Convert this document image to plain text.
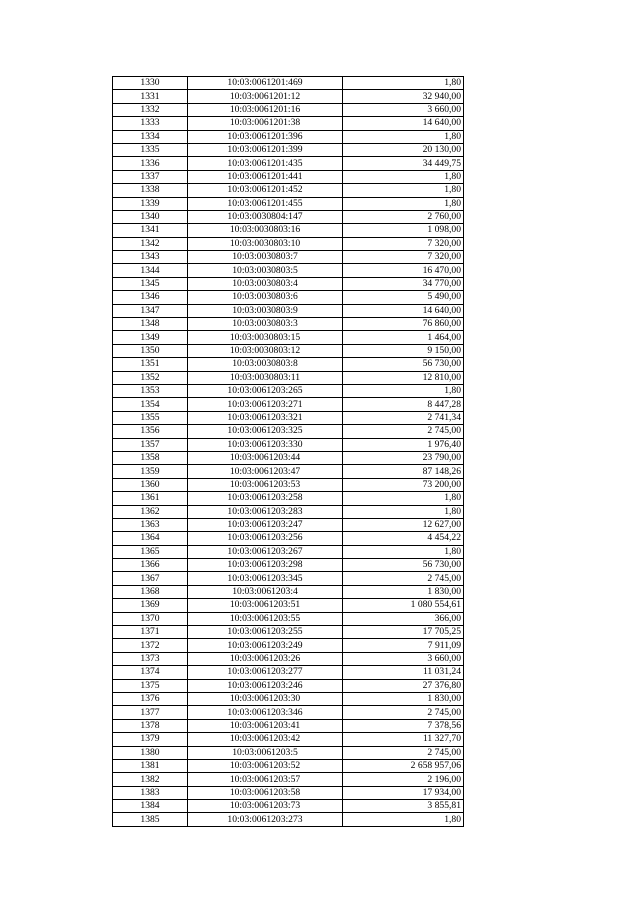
1330	10:03:0061201:469	1,80
1331	10:03:0061201:12	32 940,00
1332	10:03:0061201:16	3 660,00
1333	10:03:0061201:38	14 640,00
1334	10:03:0061201:396	1,80
1335	10:03:0061201:399	20 130,00
1336	10:03:0061201:435	34 449,75
1337	10:03:0061201:441	1,80
1338	10:03:0061201:452	1,80
1339	10:03:0061201:455	1,80
1340	10:03:0030804:147	2 760,00
1341	10:03:0030803:16	1 098,00
1342	10:03:0030803:10	7 320,00
1343	10:03:0030803:7	7 320,00
1344	10:03:0030803:5	16 470,00
1345	10:03:0030803:4	34 770,00
1346	10:03:0030803:6	5 490,00
1347	10:03:0030803:9	14 640,00
1348	10:03:0030803:3	76 860,00
1349	10:03:0030803:15	1 464,00
1350	10:03:0030803:12	9 150,00
1351	10:03:0030803:8	56 730,00
1352	10:03:0030803:11	12 810,00
1353	10:03:0061203:265	1,80
1354	10:03:0061203:271	8 447,28
1355	10:03:0061203:321	2 741,34
1356	10:03:0061203:325	2 745,00
1357	10:03:0061203:330	1 976,40
1358	10:03:0061203:44	23 790,00
1359	10:03:0061203:47	87 148,26
1360	10:03:0061203:53	73 200,00
1361	10:03:0061203:258	1,80
1362	10:03:0061203:283	1,80
1363	10:03:0061203:247	12 627,00
1364	10:03:0061203:256	4 454,22
1365	10:03:0061203:267	1,80
1366	10:03:0061203:298	56 730,00
1367	10:03:0061203:345	2 745,00
1368	10:03:0061203:4	1 830,00
1369	10:03:0061203:51	1 080 554,61
1370	10:03:0061203:55	366,00
1371	10:03:0061203:255	17 705,25
1372	10:03:0061203:249	7 911,09
1373	10:03:0061203:26	3 660,00
1374	10:03:0061203:277	11 031,24
1375	10:03:0061203:246	27 376,80
1376	10:03:0061203:30	1 830,00
1377	10:03:0061203:346	2 745,00
1378	10:03:0061203:41	7 378,56
1379	10:03:0061203:42	11 327,70
1380	10:03:0061203:5	2 745,00
1381	10:03:0061203:52	2 658 957,06
1382	10:03:0061203:57	2 196,00
1383	10:03:0061203:58	17 934,00
1384	10:03:0061203:73	3 855,81
1385	10:03:0061203:273	1,80
